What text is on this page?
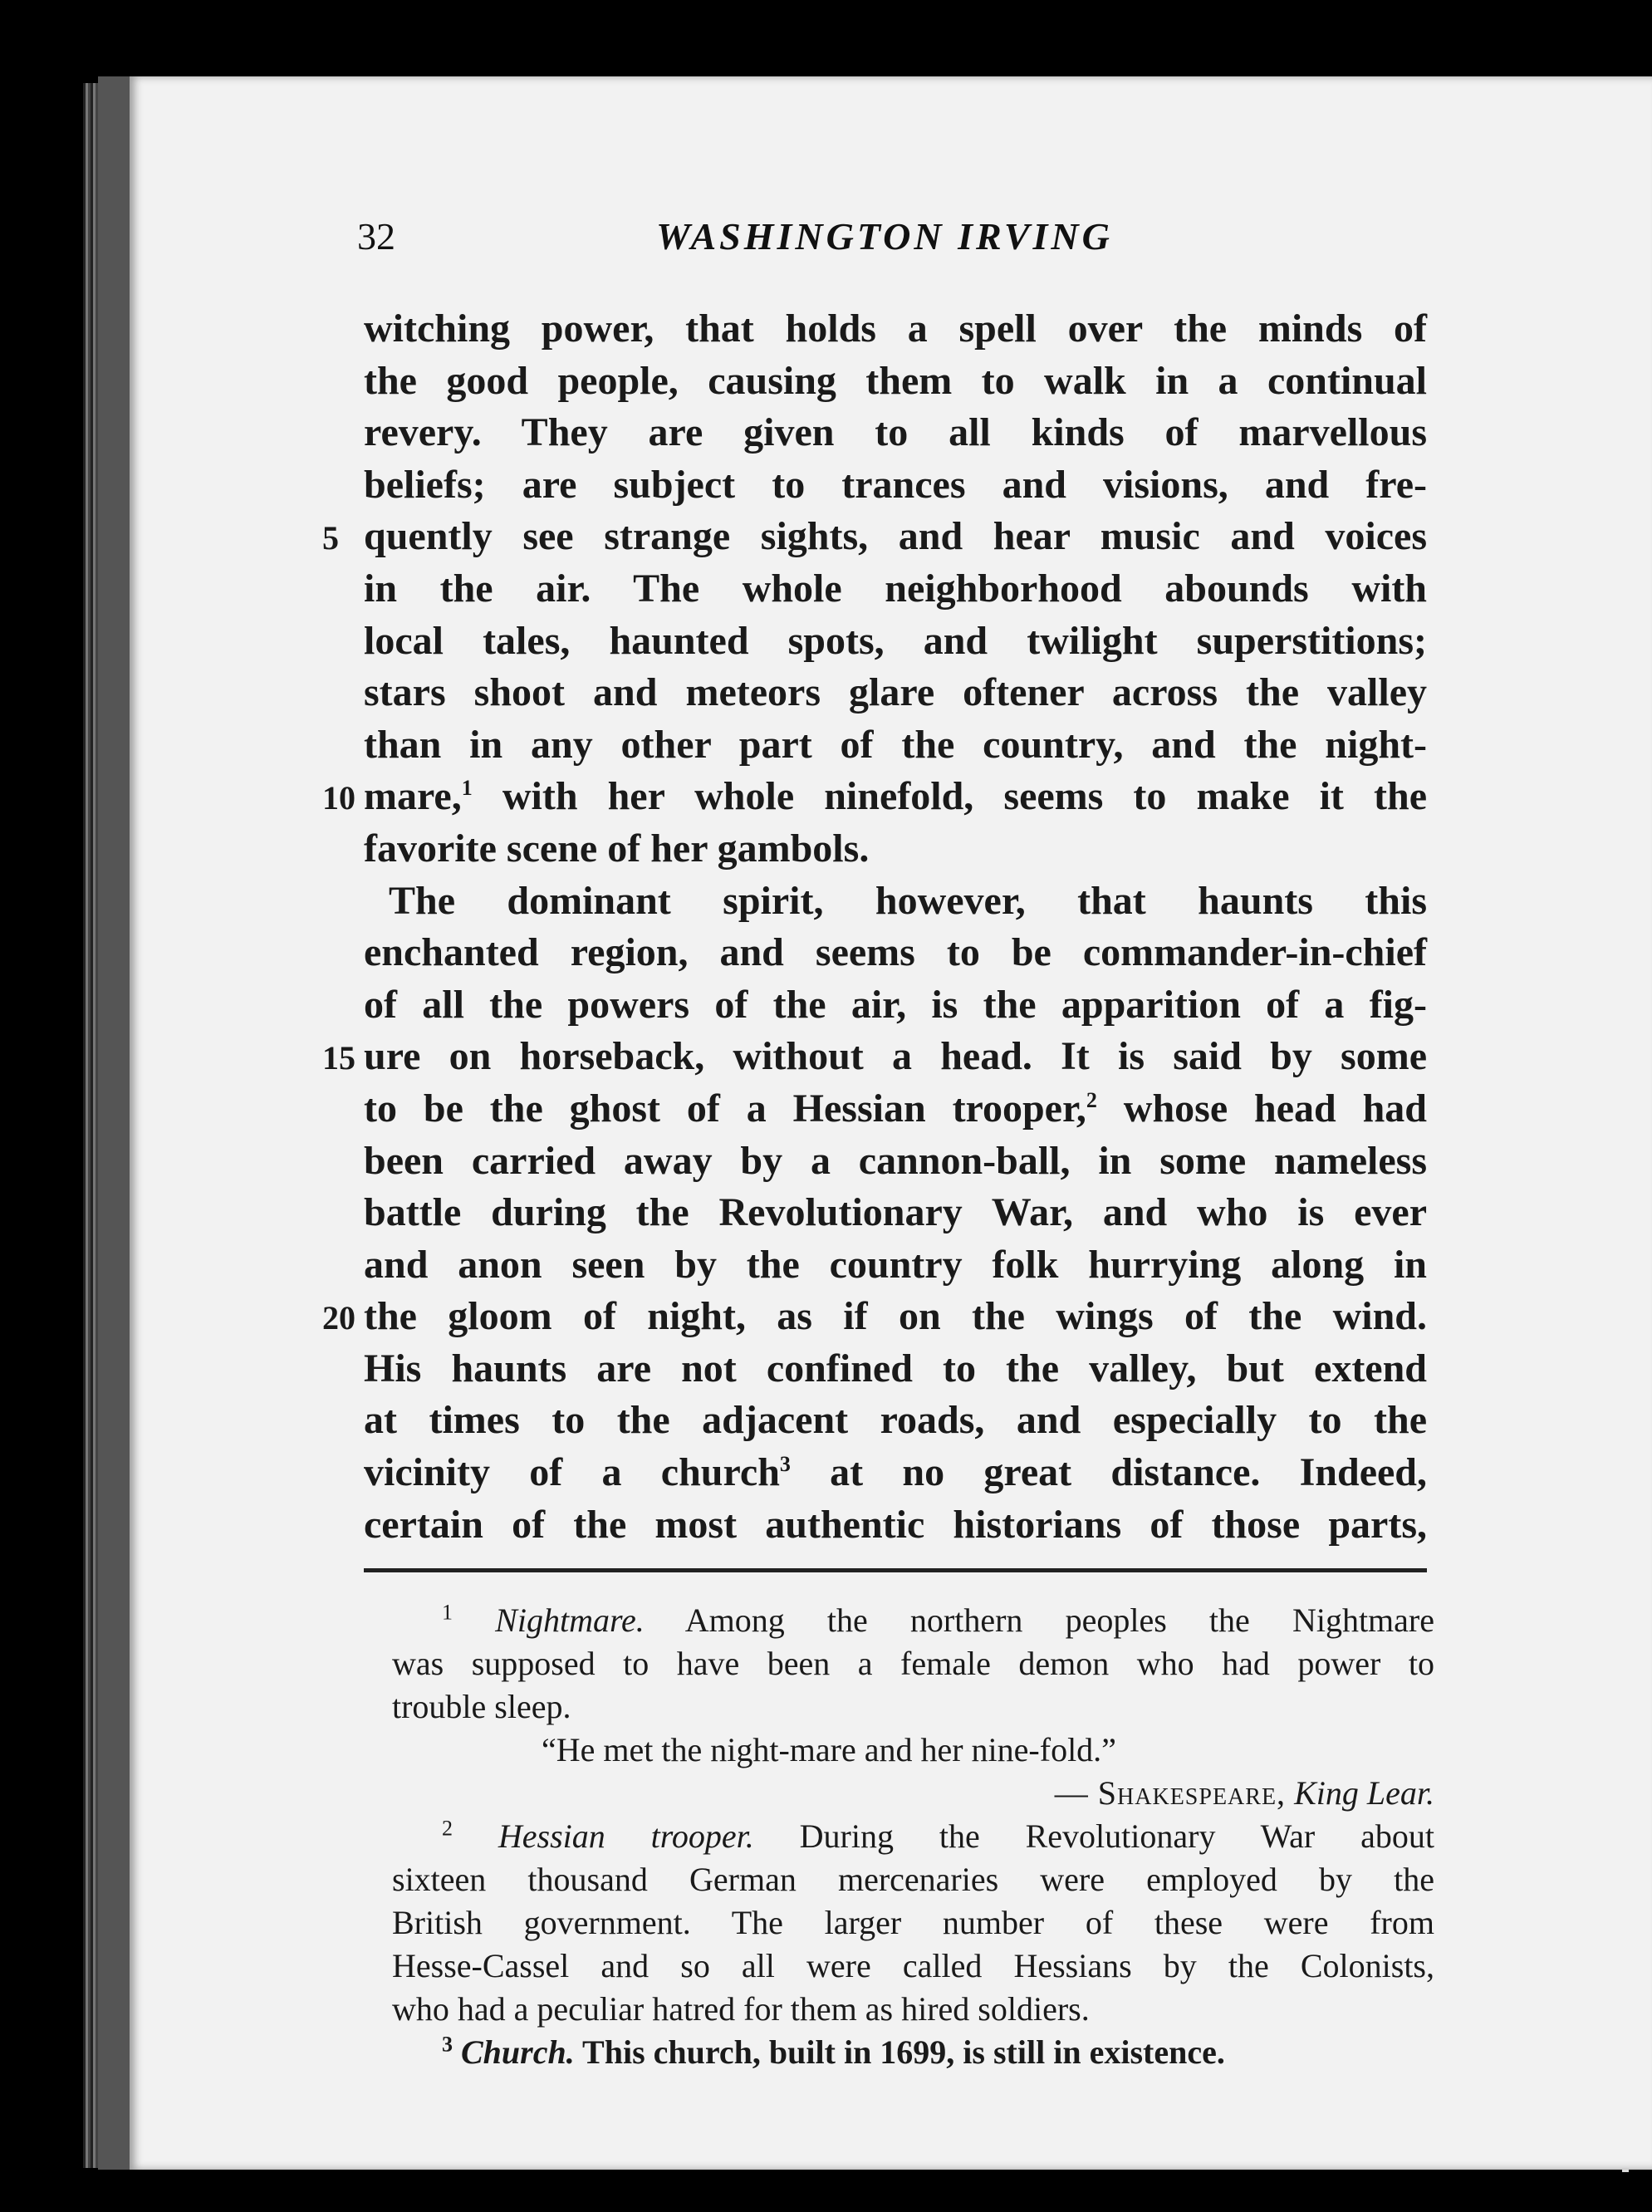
32	WASHINGTON IRVING
witching power, that holds a spell over the minds of
the good people, causing them to walk in a continual
revery. They are given to all kinds of marvellous
beliefs; are subject to trances and visions, and fre-
5 quently see strange sights, and hear music and voices
in the air. The whole neighborhood abounds with
local tales, haunted spots, and twilight superstitions;
stars shoot and meteors glare oftener across the valley
than in any other part of the country, and the night-
10 mare,$^1$ with her whole ninefold, seems to make it the
favorite scene of her gambols.
The dominant spirit, however, that haunts this
enchanted region, and seems to be commander-in-chief
of all the powers of the air, is the apparition of a fig-
15 ure on horseback, without a head. It is said by some
to be the ghost of a Hessian trooper,$^2$ whose head had
been carried away by a cannon-ball, in some nameless
battle during the Revolutionary War, and who is ever
and anon seen by the country folk hurrying along in
20 the gloom of night, as if on the wings of the wind.
His haunts are not confined to the valley, but extend
at times to the adjacent roads, and especially to the
vicinity of a church$^3$ at no great distance. Indeed,
certain of the most authentic historians of those parts,
$^1$ Nightmare. Among the northern peoples the Nightmare
was supposed to have been a female demon who had power to
trouble sleep.
“He met the night-mare and her nine-fold.”
— Shakespeare, King Lear.
$^2$ Hessian trooper. During the Revolutionary War about
sixteen thousand German mercenaries were employed by the
British government. The larger number of these were from
Hesse-Cassel and so all were called Hessians by the Colonists,
who had a peculiar hatred for them as hired soldiers.
$^3$ Church. This church, built in 1699, is still in existence.
